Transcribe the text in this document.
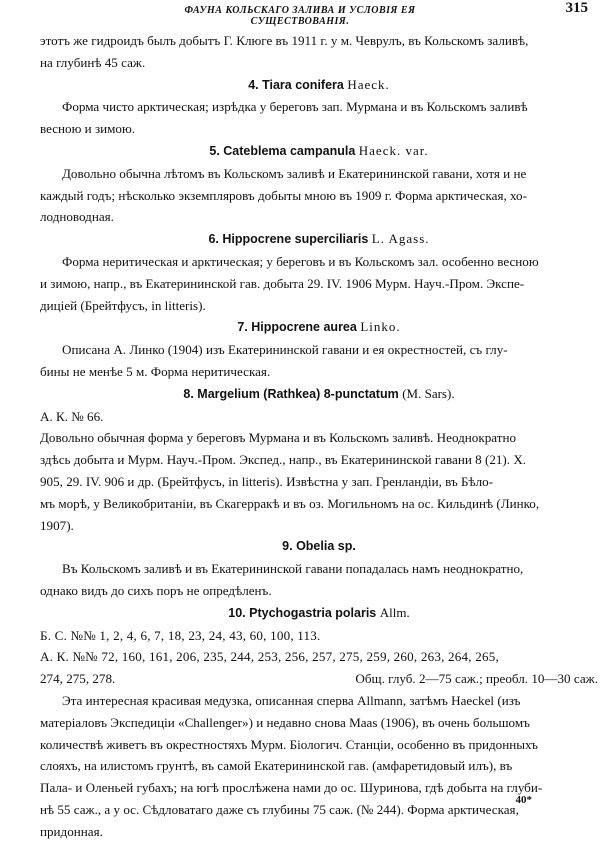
ФАУНА КОЛЬСКАГО ЗАЛИВА И УСЛОВІЯ ЕЯ СУЩЕСТВОВАНІЯ.
315

этотъ же гидроидъ былъ добытъ Г. Клюге въ 1911 г. у м. Чеврулъ, въ Кольскомъ заливѣ,

на глубинѣ 45 саж.

4. Tiara conifera Haeck.

Форма чисто арктическая; изрѣдка у береговъ зап. Мурмана и въ Кольскомъ заливѣ

весною и зимою.

5. Cateblema campanula Haeck. var.

Довольно обычна лѣтомъ въ Кольскомъ заливѣ и Екатерининской гавани, хотя и не

каждый годъ; нѣсколько экземпляровъ добыты мною въ 1909 г. Форма арктическая, хо-

лодноводная.

6. Hippocrene superciliaris L. Agass.

Форма неритическая и арктическая; у береговъ и въ Кольскомъ зал. особенно весною

и зимою, напр., въ Екатерининской гав. добыта 29. IV. 1906 Мурм. Науч.-Пром. Экспе-

диціей (Брейтфусъ, in litteris).

7. Hippocrene aurea Linko.

Описана А. Линко (1904) изъ Екатерининской гавани и ея окрестностей, съ глу-

бины не менѣе 5 м. Форма неритическая.

8. Margelium (Rathkea) 8-punctatum (M. Sars).

А. К. № 66.

Довольно обычная форма у береговъ Мурмана и въ Кольскомъ заливѣ. Неоднократно

здѣсь добыта и Мурм. Науч.-Пром. Экспед., напр., въ Екатерининской гавани 8 (21). Х.

905, 29. IV. 906 и др. (Брейтфусъ, in litteris). Извѣстна у зап. Гренландіи, въ Бѣло-

мъ морѣ, у Великобританіи, въ Скагерракѣ и въ оз. Могильномъ на ос. Кильдинѣ (Линко,

1907).

9. Obelia sp.

Въ Кольскомъ заливѣ и въ Екатерининской гавани попадалась намъ неоднократно,

однако видъ до сихъ поръ не опредѣленъ.

10. Ptychogastria polaris Allm.

Б. С. №№ 1, 2, 4, 6, 7, 18, 23, 24, 43, 60, 100, 113.

А. К. №№ 72, 160, 161, 206, 235, 244, 253, 256, 257, 275, 259, 260, 263, 264, 265,

274, 275, 278.	Общ. глуб. 2—75 саж.; преобл. 10—30 саж.

Эта интересная красивая медузка, описанная сперва Allmann, затѣмъ Haeckel (изъ

матеріаловъ Экспедиціи «Challenger») и недавно снова Maas (1906), въ очень большомъ

количествѣ живетъ въ окрестностяхъ Мурм. Біологич. Станціи, особенно въ придонныхъ

слояхъ, на илистомъ грунтѣ, въ самой Екатерининской гав. (амфаретидовый илъ), въ

Пала- и Оленьей губахъ; на югѣ прослѣжена нами до ос. Шуринова, гдѣ добыта на глуби-

нѣ 55 саж., а у ос. Сѣдловатаго даже съ глубины 75 саж. (№ 244). Форма арктическая,

придонная.

40*
